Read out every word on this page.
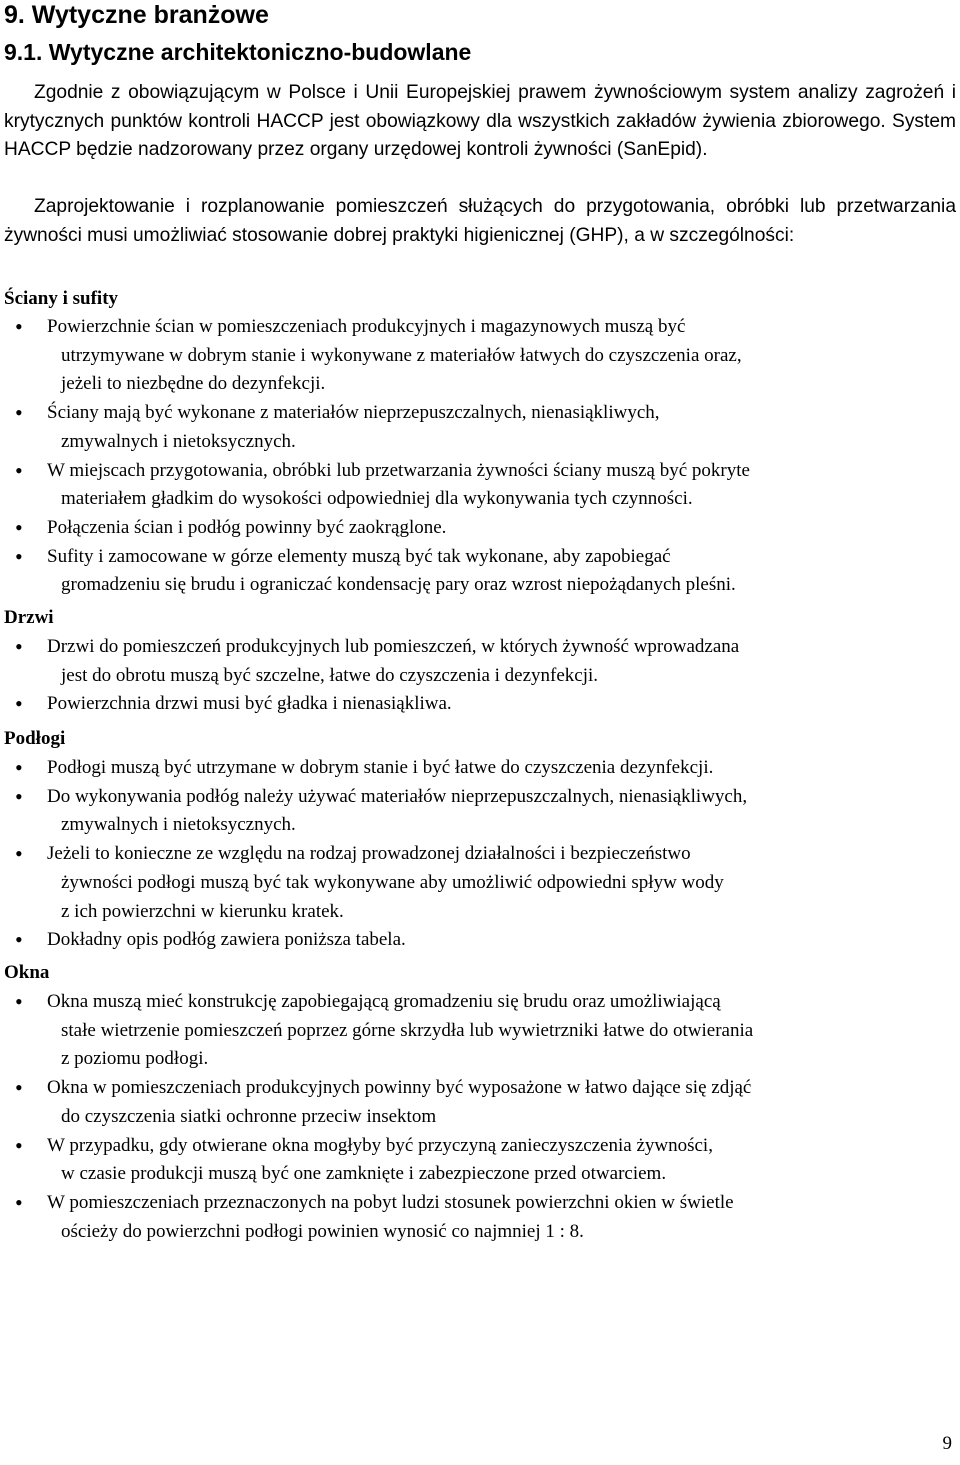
9. Wytyczne branżowe
9.1. Wytyczne architektoniczno-budowlane

Zgodnie z obowiązującym w Polsce i Unii Europejskiej prawem żywnościowym system analizy zagrożeń i krytycznych punktów kontroli HACCP jest obowiązkowy dla wszystkich zakładów żywienia zbiorowego. System HACCP będzie nadzorowany przez organy urzędowej kontroli żywności (SanEpid).

Zaprojektowanie i rozplanowanie pomieszczeń służących do przygotowania, obróbki lub przetwarzania żywności musi umożliwiać stosowanie dobrej praktyki higienicznej (GHP), a w szczególności:

Ściany i sufity
• Powierzchnie ścian w pomieszczeniach produkcyjnych i magazynowych muszą być
utrzymywane w dobrym stanie i wykonywane z materiałów łatwych do czyszczenia oraz,
jeżeli to niezbędne do dezynfekcji.
• Ściany mają być wykonane z materiałów nieprzepuszczalnych, nienasiąkliwych,
zmywalnych i nietoksycznych.
• W miejscach przygotowania, obróbki lub przetwarzania żywności ściany muszą być pokryte
materiałem gładkim do wysokości odpowiedniej dla wykonywania tych czynności.
• Połączenia ścian i podłóg powinny być zaokrąglone.
• Sufity i zamocowane w górze elementy muszą być tak wykonane, aby zapobiegać
gromadzeniu się brudu i ograniczać kondensację pary oraz wzrost niepożądanych pleśni.
Drzwi
• Drzwi do pomieszczeń produkcyjnych lub pomieszczeń, w których żywność wprowadzana
jest do obrotu muszą być szczelne, łatwe do czyszczenia i dezynfekcji.
• Powierzchnia drzwi musi być gładka i nienasiąkliwa.
Podłogi
• Podłogi muszą być utrzymane w dobrym stanie i być łatwe do czyszczenia dezynfekcji.
• Do wykonywania podłóg należy używać materiałów nieprzepuszczalnych, nienasiąkliwych,
zmywalnych i nietoksycznych.
• Jeżeli to konieczne ze względu na rodzaj prowadzonej działalności i bezpieczeństwo
żywności podłogi muszą być tak wykonywane aby umożliwić odpowiedni spływ wody
z ich powierzchni w kierunku kratek.
• Dokładny opis podłóg zawiera poniższa tabela.
Okna
• Okna muszą mieć konstrukcję zapobiegającą gromadzeniu się brudu oraz umożliwiającą
stałe wietrzenie pomieszczeń poprzez górne skrzydła lub wywietrzniki łatwe do otwierania
z poziomu podłogi.
• Okna w pomieszczeniach produkcyjnych powinny być wyposażone w łatwo dające się zdjąć
do czyszczenia siatki ochronne przeciw insektom
• W przypadku, gdy otwierane okna mogłyby być przyczyną zanieczyszczenia żywności,
w czasie produkcji muszą być one zamknięte i zabezpieczone przed otwarciem.
• W pomieszczeniach przeznaczonych na pobyt ludzi stosunek powierzchni okien w świetle
ościeży do powierzchni podłogi powinien wynosić co najmniej 1 : 8.
9
